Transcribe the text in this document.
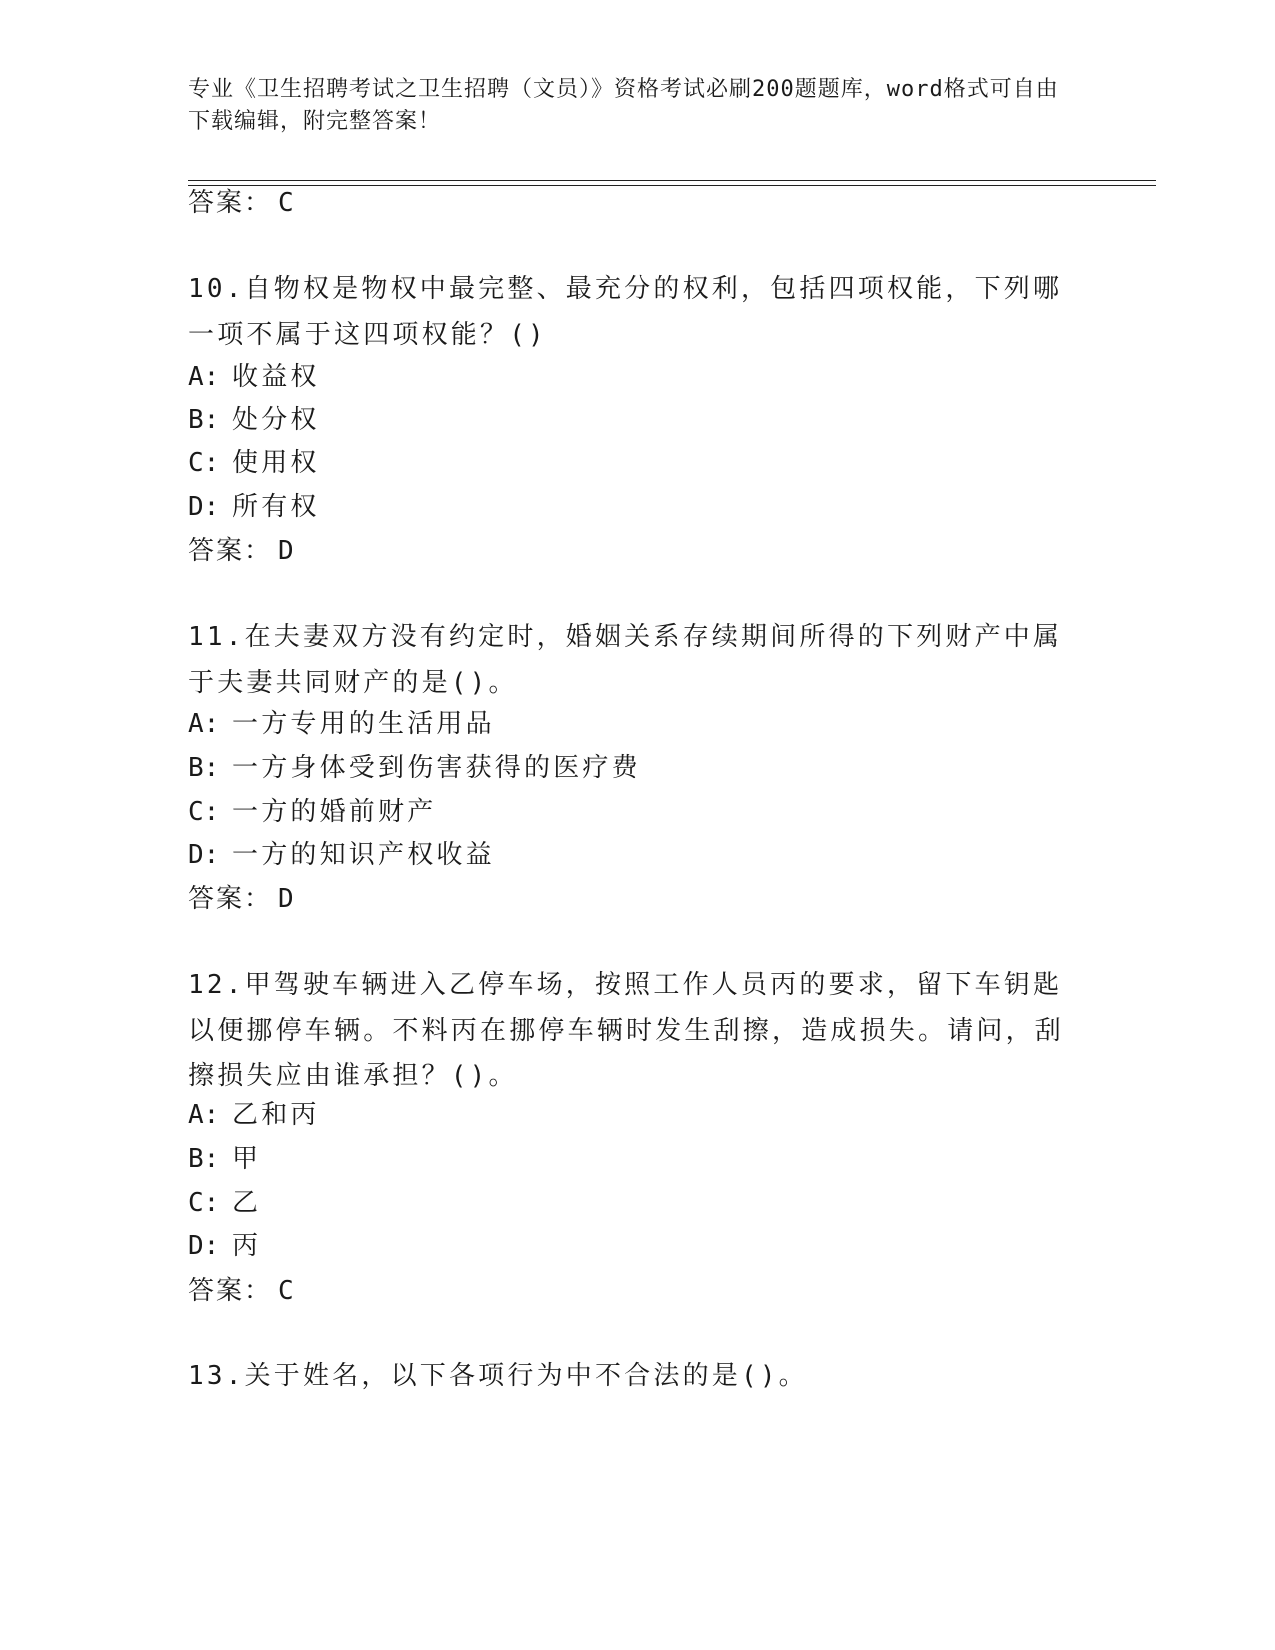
专业《卫生招聘考试之卫生招聘（文员）》资格考试必刷200题题库，word格式可自由下载编辑，附完整答案！
答案： C
10.自物权是物权中最完整、最充分的权利，包括四项权能，下列哪一项不属于这四项权能？()
A: 收益权
B: 处分权
C: 使用权
D: 所有权
答案： D
11.在夫妻双方没有约定时，婚姻关系存续期间所得的下列财产中属于夫妻共同财产的是()。
A: 一方专用的生活用品
B: 一方身体受到伤害获得的医疗费
C: 一方的婚前财产
D: 一方的知识产权收益
答案： D
12.甲驾驶车辆进入乙停车场，按照工作人员丙的要求，留下车钥匙以便挪停车辆。不料丙在挪停车辆时发生刮擦，造成损失。请问，刮擦损失应由谁承担？()。
A: 乙和丙
B: 甲
C: 乙
D: 丙
答案： C
13.关于姓名，以下各项行为中不合法的是()。
